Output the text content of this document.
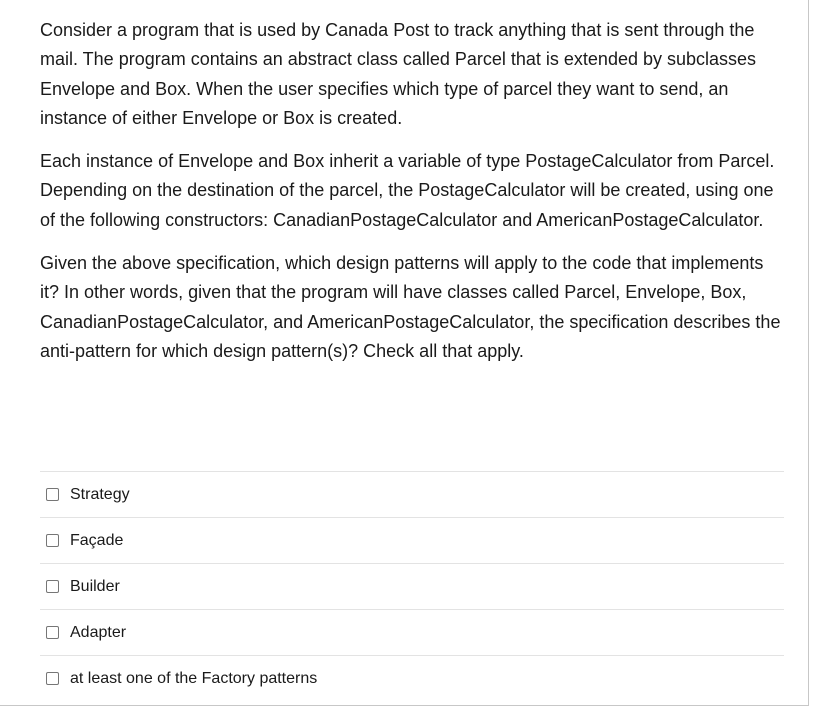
Consider a program that is used by Canada Post to track anything that is sent through the mail. The program contains an abstract class called Parcel that is extended by subclasses Envelope and Box. When the user specifies which type of parcel they want to send, an instance of either Envelope or Box is created.

Each instance of Envelope and Box inherit a variable of type PostageCalculator from Parcel. Depending on the destination of the parcel, the PostageCalculator will be created, using one of the following constructors: CanadianPostageCalculator and AmericanPostageCalculator.

Given the above specification, which design patterns will apply to the code that implements it? In other words, given that the program will have classes called Parcel, Envelope, Box, CanadianPostageCalculator, and AmericanPostageCalculator, the specification describes the anti-pattern for which design pattern(s)? Check all that apply.

Strategy
Façade
Builder
Adapter
at least one of the Factory patterns
